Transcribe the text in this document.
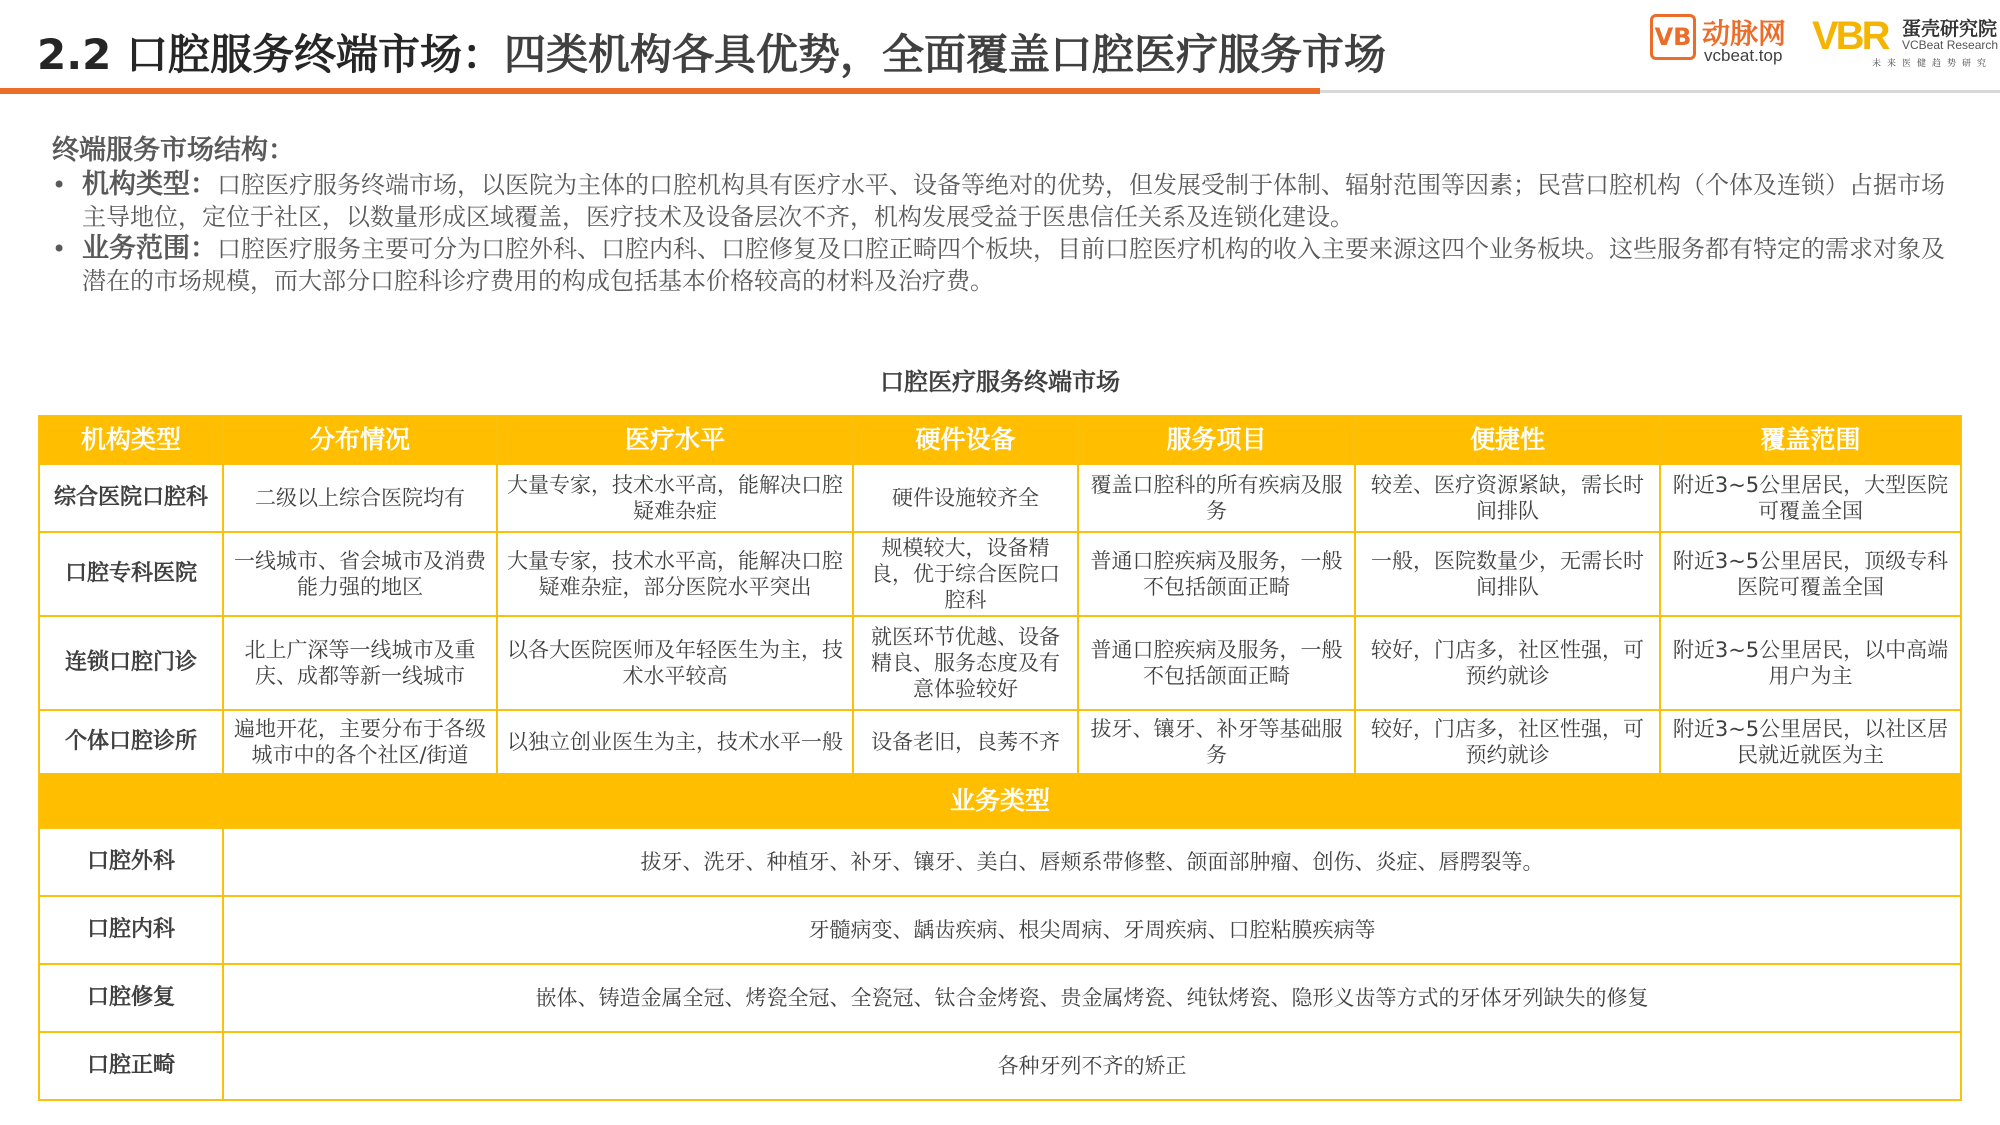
2.2 口腔服务终端市场：四类机构各具优势，全面覆盖口腔医疗服务市场	VB 动脉网
vcbeat.top VBR 蛋壳研究院
VCBeat Research
未来医健趋势研究
终端服务市场结构：
• 机构类型：口腔医疗服务终端市场，以医院为主体的口腔机构具有医疗水平、设备等绝对的优势，但发展受制于体制、辐射范围等因素；民营口腔机构（个体及连锁）占据市场主导地位，定位于社区，以数量形成区域覆盖，医疗技术及设备层次不齐，机构发展受益于医患信任关系及连锁化建设。
• 业务范围：口腔医疗服务主要可分为口腔外科、口腔内科、口腔修复及口腔正畸四个板块，目前口腔医疗机构的收入主要来源这四个业务板块。这些服务都有特定的需求对象及潜在的市场规模，而大部分口腔科诊疗费用的构成包括基本价格较高的材料及治疗费。
口腔医疗服务终端市场
机构类型	分布情况	医疗水平	硬件设备	服务项目	便捷性	覆盖范围
综合医院口腔科	二级以上综合医院均有	大量专家，技术水平高，能解决口腔疑难杂症	硬件设施较齐全	覆盖口腔科的所有疾病及服务	较差、医疗资源紧缺，需长时间排队	附近3~5公里居民，大型医院可覆盖全国
口腔专科医院	一线城市、省会城市及消费能力强的地区	大量专家，技术水平高，能解决口腔疑难杂症，部分医院水平突出	规模较大，设备精良，优于综合医院口腔科	普通口腔疾病及服务，一般不包括颌面正畸	一般，医院数量少，无需长时间排队	附近3~5公里居民，顶级专科医院可覆盖全国
连锁口腔门诊	北上广深等一线城市及重庆、成都等新一线城市	以各大医院医师及年轻医生为主，技术水平较高	就医环节优越、设备精良、服务态度及有意体验较好	普通口腔疾病及服务，一般不包括颌面正畸	较好，门店多，社区性强，可预约就诊	附近3~5公里居民，以中高端用户为主
个体口腔诊所	遍地开花，主要分布于各级城市中的各个社区/街道	以独立创业医生为主，技术水平一般	设备老旧，良莠不齐	拔牙、镶牙、补牙等基础服务	较好，门店多，社区性强，可预约就诊	附近3~5公里居民，以社区居民就近就医为主
业务类型						
口腔外科	拔牙、洗牙、种植牙、补牙、镶牙、美白、唇颊系带修整、颌面部肿瘤、创伤、炎症、唇腭裂等。					
口腔内科	牙髓病变、龋齿疾病、根尖周病、牙周疾病、口腔粘膜疾病等					
口腔修复	嵌体、铸造金属全冠、烤瓷全冠、全瓷冠、钛合金烤瓷、贵金属烤瓷、纯钛烤瓷、隐形义齿等方式的牙体牙列缺失的修复					
口腔正畸	各种牙列不齐的矫正					
